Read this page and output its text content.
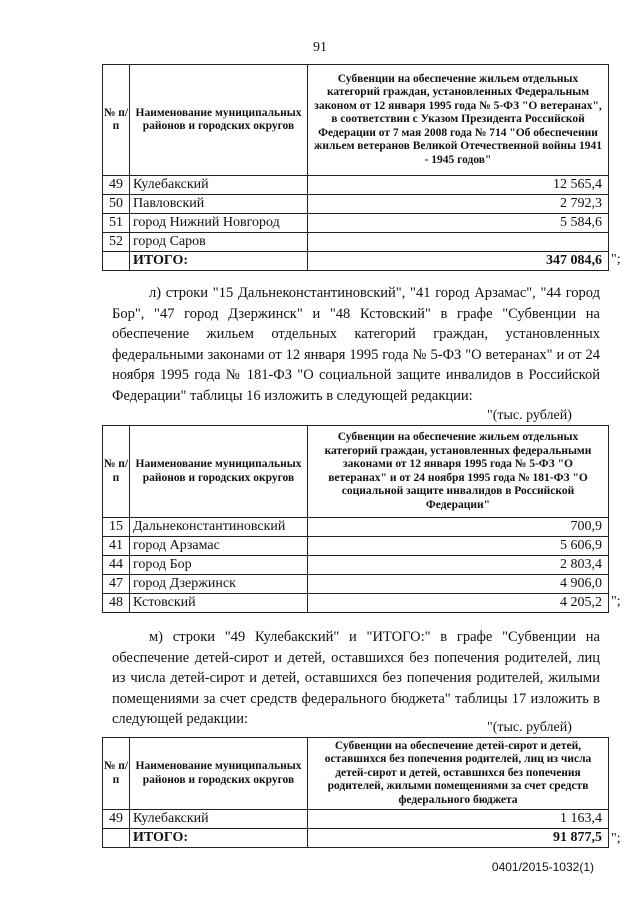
91
№ п/п	Наименование муниципальных районов и городских округов	Субвенции на обеспечение жильем отдельных категорий граждан, установленных Федеральным законом от 12 января 1995 года № 5-ФЗ "О ветеранах", в соответствии с Указом Президента Российской Федерации от 7 мая 2008 года № 714 "Об обеспечении жильем ветеранов Великой Отечественной войны 1941 - 1945 годов"
49	Кулебакский	12 565,4
50	Павловский	2 792,3
51	город Нижний Новгород	5 584,6
52	город Саров	
	ИТОГО:	347 084,6 ";
л) строки "15 Дальнеконстантиновский", "41 город Арзамас", "44 город Бор", "47 город Дзержинск" и "48 Кстовский" в графе "Субвенции на обеспечение жильем отдельных категорий граждан, установленных федеральными законами от 12 января 1995 года № 5-ФЗ "О ветеранах" и от 24 ноября 1995 года № 181-ФЗ "О социальной защите инвалидов в Российской Федерации" таблицы 16 изложить в следующей редакции:
"(тыс. рублей)
№ п/п	Наименование муниципальных районов и городских округов	Субвенции на обеспечение жильем отдельных категорий граждан, установленных федеральными законами от 12 января 1995 года № 5-ФЗ "О ветеранах" и от 24 ноября 1995 года № 181-ФЗ "О социальной защите инвалидов в Российской Федерации"
15	Дальнеконстантиновский	700,9
41	город Арзамас	5 606,9
44	город Бор	2 803,4
47	город Дзержинск	4 906,0
48	Кстовский	4 205,2 ";
м) строки "49 Кулебакский" и "ИТОГО:" в графе "Субвенции на обеспечение детей-сирот и детей, оставшихся без попечения родителей, лиц из числа детей-сирот и детей, оставшихся без попечения родителей, жилыми помещениями за счет средств федерального бюджета" таблицы 17 изложить в следующей редакции:
"(тыс. рублей)
№ п/п	Наименование муниципальных районов и городских округов	Субвенции на обеспечение детей-сирот и детей, оставшихся без попечения родителей, лиц из числа детей-сирот и детей, оставшихся без попечения родителей, жилыми помещениями за счет средств федерального бюджета
49	Кулебакский	1 163,4
	ИТОГО:	91 877,5 ";
0401/2015-1032(1)
